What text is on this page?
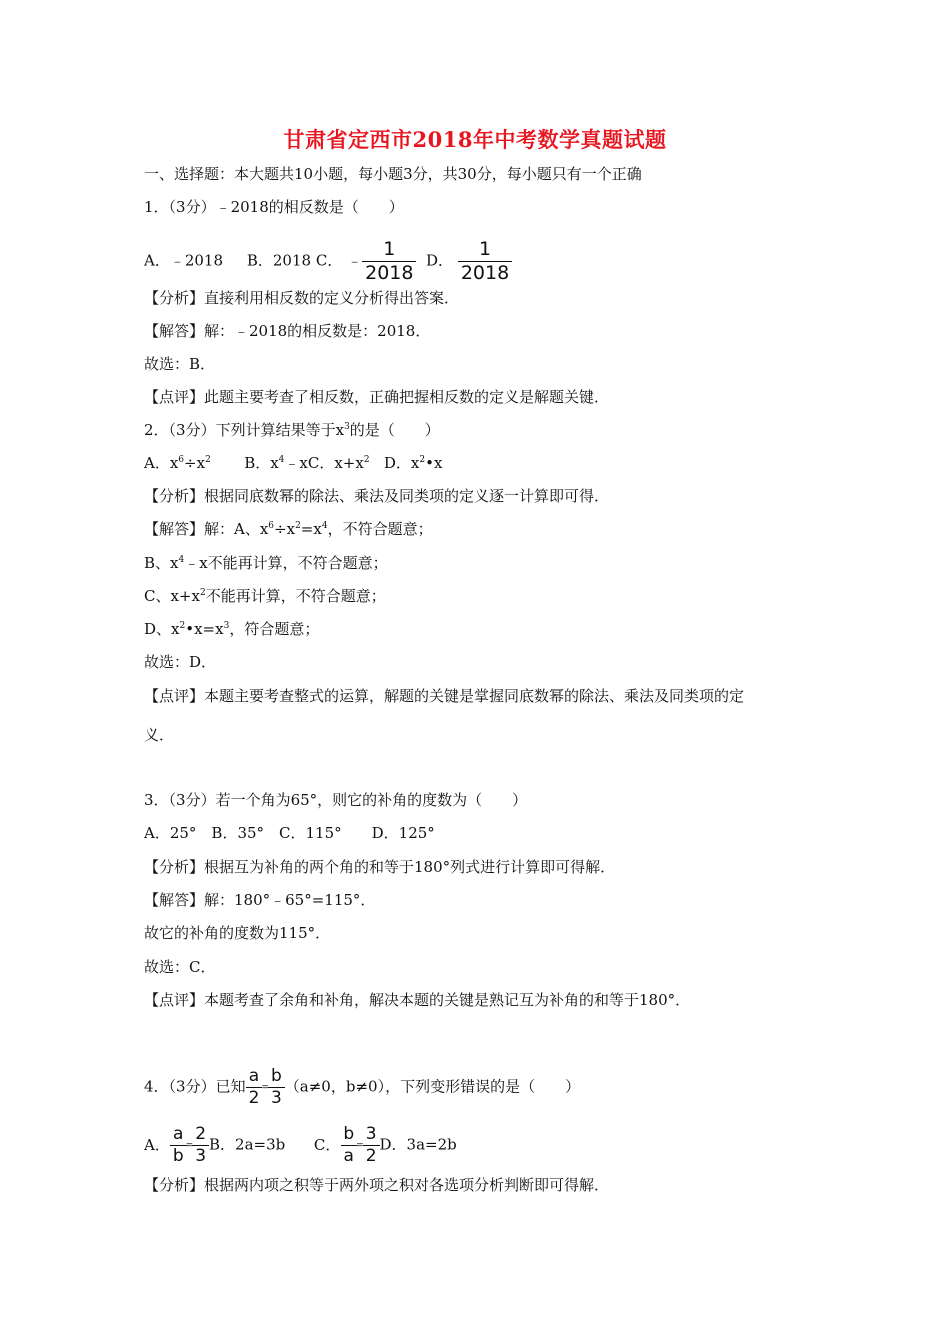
甘肃省定西市2018年中考数学真题试题
一、选择题：本大题共10小题，每小题3分，共30分，每小题只有一个正确
1．（3分）﹣2018的相反数是（　　）
A．﹣2018 B．2018 C． ﹣ $\frac{1}{2018}$ D． $\frac{1}{2018}$
【分析】直接利用相反数的定义分析得出答案．
【解答】解：﹣2018的相反数是：2018．
故选：B．
【点评】此题主要考查了相反数，正确把握相反数的定义是解题关键．
2．（3分）下列计算结果等于$x^3$的是（　　）
A．$x^6\div x^2$ B．$x^4﹣xC$．$x+x^2$ D．$x^2•x$
【分析】根据同底数幂的除法、乘法及同类项的定义逐一计算即可得．
【解答】解：A、$x^6\div x^2=x^4$，不符合题意；
B、$x^4﹣x$不能再计算，不符合题意；
C、$x+x^2$不能再计算，不符合题意；
D、$x^2•x=x^3$，符合题意；
故选：D．
【点评】本题主要考查整式的运算，解题的关键是掌握同底数幂的除法、乘法及同类项的定
义．
3．（3分）若一个角为65°，则它的补角的度数为（　　）
A．25°　B．35°　C．115°　　D．125°
【分析】根据互为补角的两个角的和等于180°列式进行计算即可得解．
【解答】解：180°﹣65°=115°．
故它的补角的度数为115°．
故选：C．
【点评】本题考查了余角和补角，解决本题的关键是熟记互为补角的和等于180°．
4．（3分）已知 $\frac{a}{2} = \frac{b}{3} (a\ne 0$，b≠0），下列变形错误的是（　　）
A． $\frac{a}{b} = \frac{2}{3}$ B．2a=3b C． $\frac{b}{a} = \frac{3}{2}$ D．3a=2b
【分析】根据两内项之积等于两外项之积对各选项分析判断即可得解．
